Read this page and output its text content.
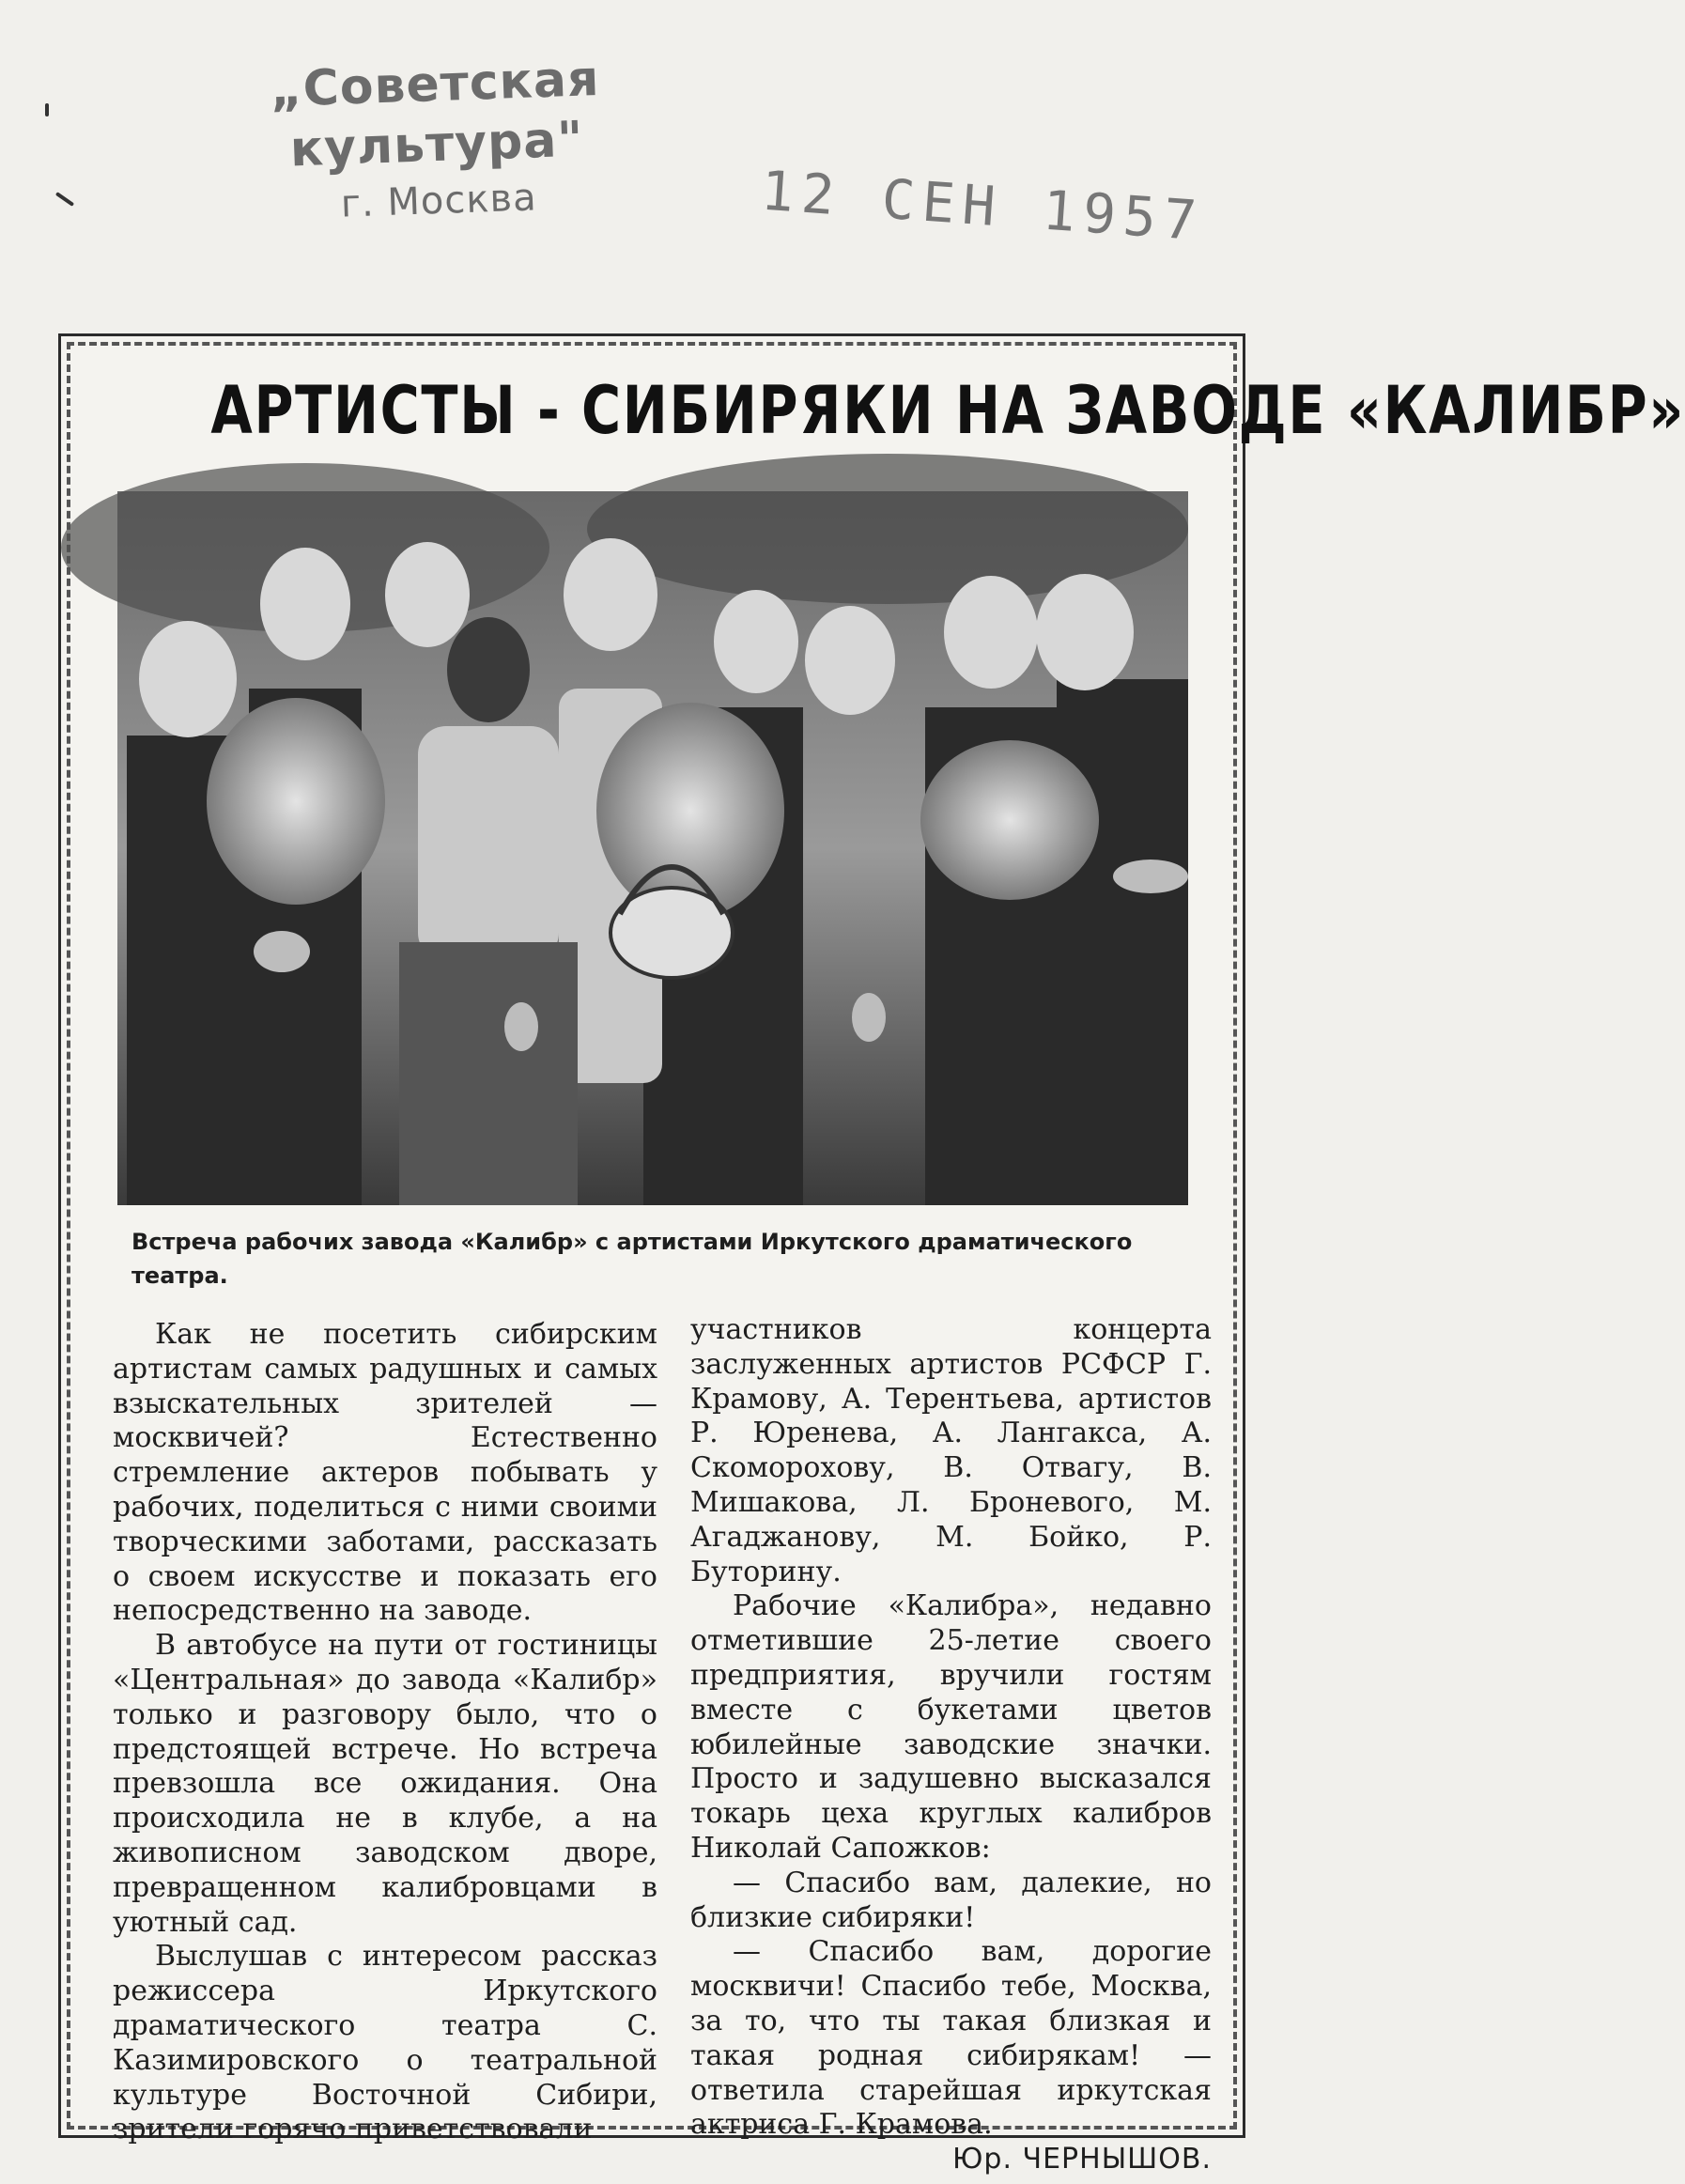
„Советская культура"
г. Москва	12 СЕН 1957
АРТИСТЫ - СИБИРЯКИ НА ЗАВОДЕ «КАЛИБР»
Встреча рабочих завода «Калибр» с артистами Иркутского драматического театра.

Как не посетить сибирским артистам самых радушных и самых взыскательных зрителей — москвичей? Естественно стремление актеров побывать у рабочих, поделиться с ними своими творческими заботами, рассказать о своем искусстве и показать его непосредственно на заводе.

В автобусе на пути от гостиницы «Центральная» до завода «Калибр» только и разговору было, что о предстоящей встрече. Но встреча превзошла все ожидания. Она происходила не в клубе, а на живописном заводском дворе, превращенном калибровцами в уютный сад.

Выслушав с интересом рассказ режиссера Иркутского драматического театра С. Казимировского о театральной культуре Восточной Сибири, зрители горячо приветствовали

участников концерта заслуженных артистов РСФСР Г. Крамову, А. Терентьева, артистов Р. Юренева, А. Лангакса, А. Скоморохову, В. Отвагу, В. Мишакова, Л. Броневого, М. Агаджанову, М. Бойко, Р. Буторину.

Рабочие «Калибра», недавно отметившие 25-летие своего предприятия, вручили гостям вместе с букетами цветов юбилейные заводские значки. Просто и задушевно высказался токарь цеха круглых калибров Николай Сапожков:

— Спасибо вам, далекие, но близкие сибиряки!

— Спасибо вам, дорогие москвичи! Спасибо тебе, Москва, за то, что ты такая близкая и такая родная сибирякам! — ответила старейшая иркутская актриса Г. Крамова.

Юр. ЧЕРНЫШОВ.
